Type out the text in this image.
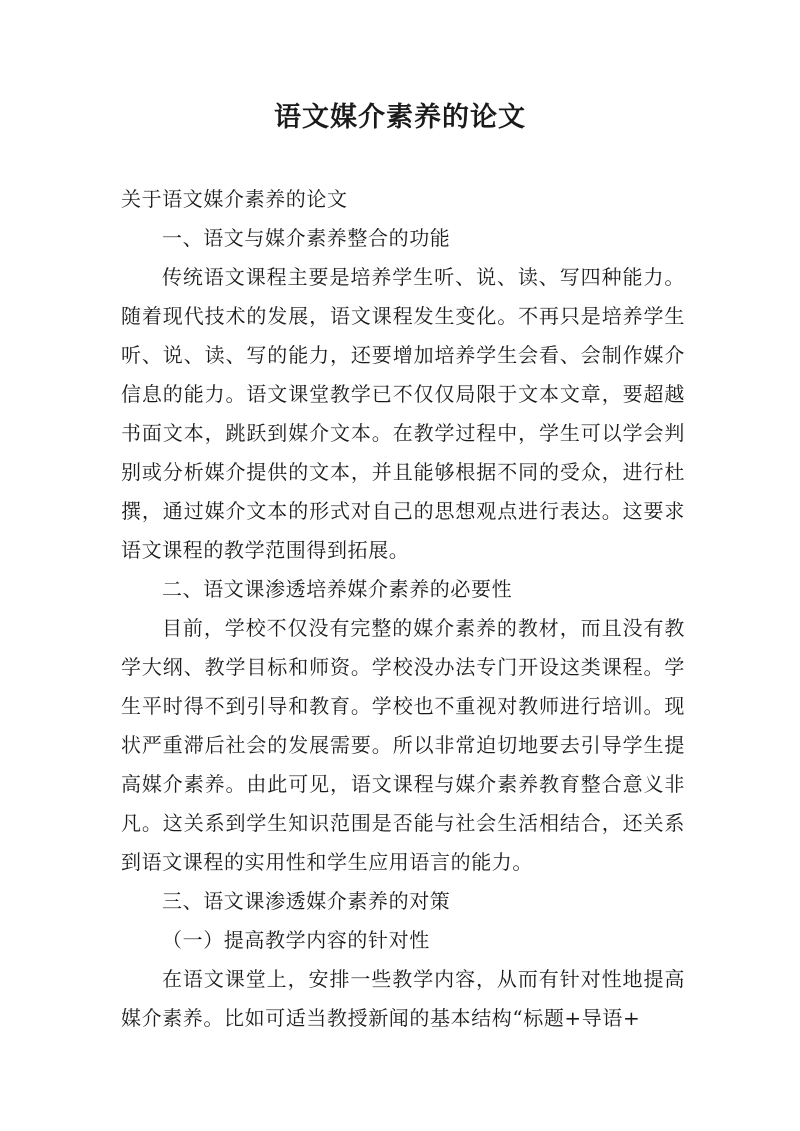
语文媒介素养的论文

关于语文媒介素养的论文

一、语文与媒介素养整合的功能

传统语文课程主要是培养学生听、说、读、写四种能力。随着现代技术的发展，语文课程发生变化。不再只是培养学生听、说、读、写的能力，还要增加培养学生会看、会制作媒介信息的能力。语文课堂教学已不仅仅局限于文本文章，要超越书面文本，跳跃到媒介文本。在教学过程中，学生可以学会判别或分析媒介提供的文本，并且能够根据不同的受众，进行杜撰，通过媒介文本的形式对自己的思想观点进行表达。这要求语文课程的教学范围得到拓展。

二、语文课渗透培养媒介素养的必要性

目前，学校不仅没有完整的媒介素养的教材，而且没有教学大纲、教学目标和师资。学校没办法专门开设这类课程。学生平时得不到引导和教育。学校也不重视对教师进行培训。现状严重滞后社会的发展需要。所以非常迫切地要去引导学生提高媒介素养。由此可见，语文课程与媒介素养教育整合意义非凡。这关系到学生知识范围是否能与社会生活相结合，还关系到语文课程的实用性和学生应用语言的能力。

三、语文课渗透媒介素养的对策

（一）提高教学内容的针对性

在语文课堂上，安排一些教学内容，从而有针对性地提高媒介素养。比如可适当教授新闻的基本结构“标题+导语+
